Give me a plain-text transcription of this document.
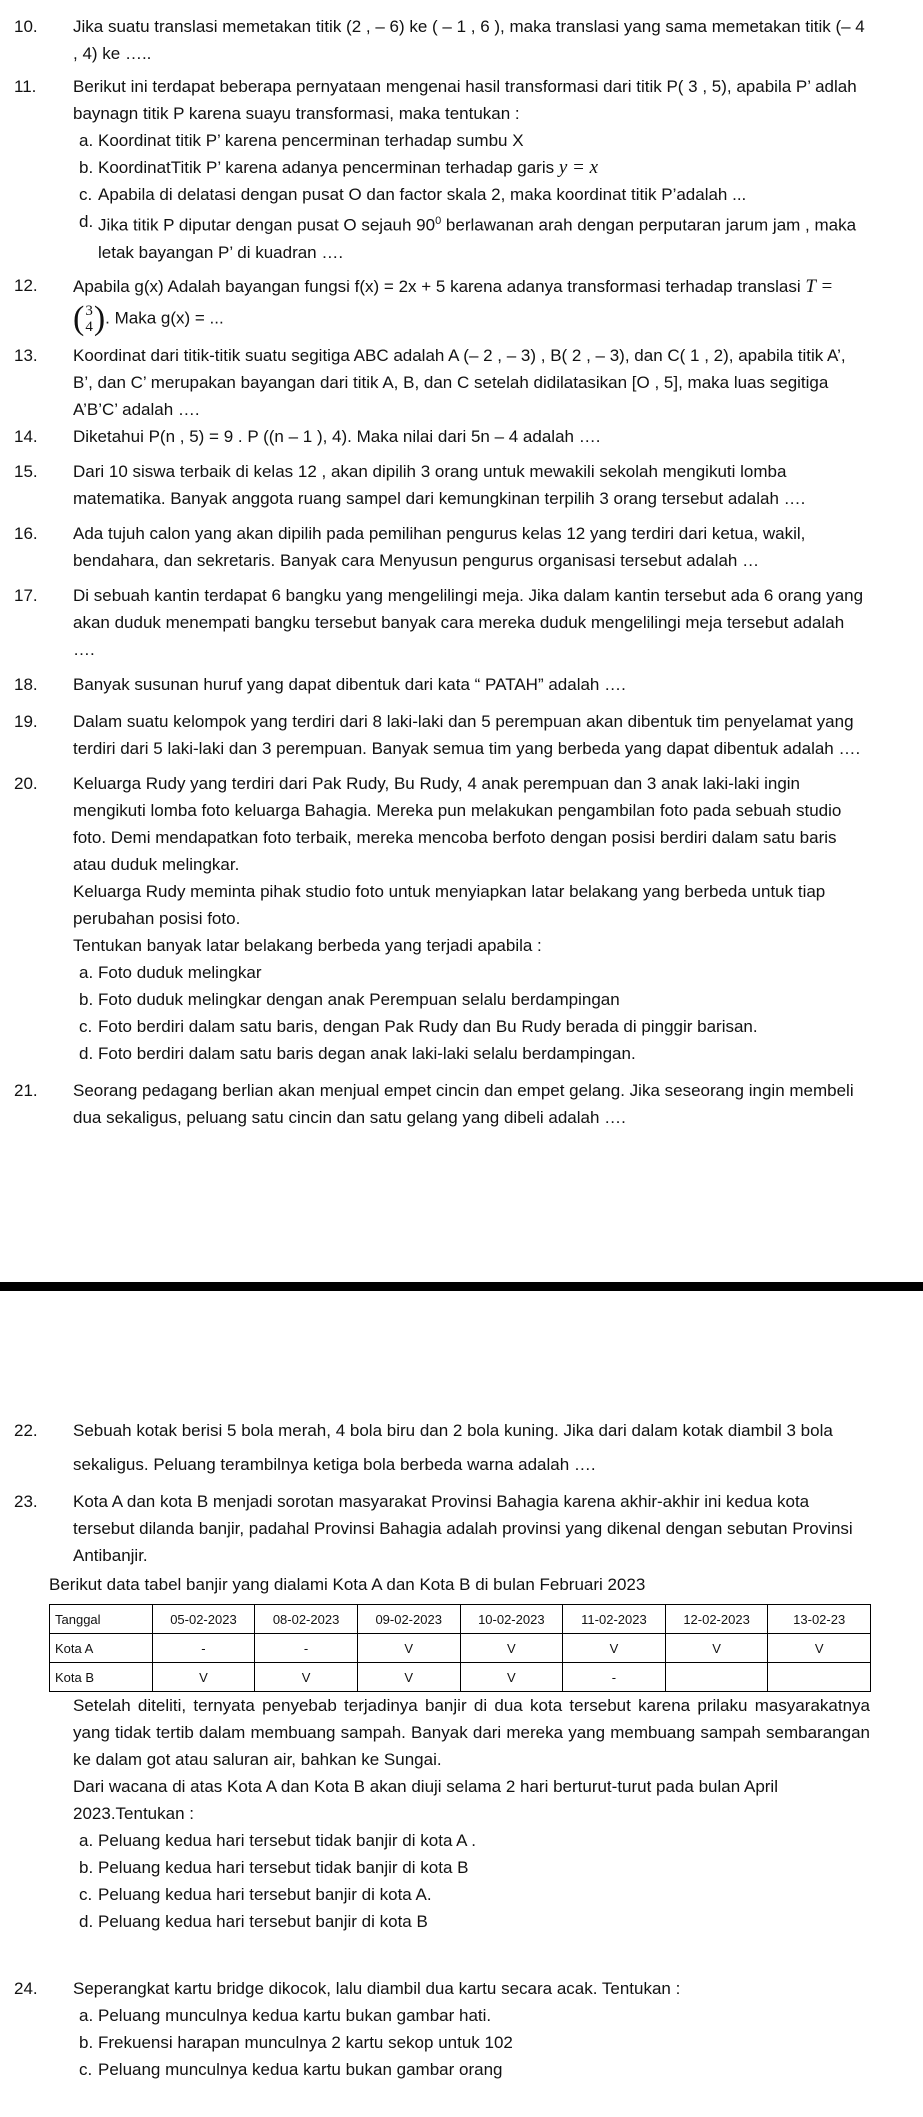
10. Jika suatu translasi memetakan titik (2 , – 6) ke ( – 1 , 6 ), maka translasi yang sama memetakan titik (– 4 , 4) ke …..

11. Berikut ini terdapat beberapa pernyataan mengenai hasil transformasi dari titik P( 3 , 5), apabila P’ adlah baynagn titik P karena suayu transformasi, maka tentukan :

a. Koordinat titik P’ karena pencerminan terhadap sumbu X
b. KoordinatTitik P’ karena adanya pencerminan terhadap garis y = x
c. Apabila di delatasi dengan pusat O dan factor skala 2, maka koordinat titik P’adalah ...
d. Jika titik P diputar dengan pusat O sejauh $90^0$ berlawanan arah dengan perputaran jarum jam , maka letak bayangan P’ di kuadran ….
12. Apabila g(x) Adalah bayangan fungsi f(x) = 2x + 5 karena adanya transformasi terhadap translasi T =
( 3
4 ) . Maka g(x) = ...

13. Koordinat dari titik-titik suatu segitiga ABC adalah A (– 2 , – 3) , B( 2 , – 3), dan C( 1 , 2), apabila titik A’, B’, dan C’ merupakan bayangan dari titik A, B, dan C setelah didilatasikan [O , 5], maka luas segitiga A’B’C’ adalah ….

14. Diketahui P(n , 5) = 9 . P ((n – 1 ), 4). Maka nilai dari 5n – 4 adalah ….

15. Dari 10 siswa terbaik di kelas 12 , akan dipilih 3 orang untuk mewakili sekolah mengikuti lomba matematika. Banyak anggota ruang sampel dari kemungkinan terpilih 3 orang tersebut adalah ….

16. Ada tujuh calon yang akan dipilih pada pemilihan pengurus kelas 12 yang terdiri dari ketua, wakil, bendahara, dan sekretaris. Banyak cara Menyusun pengurus organisasi tersebut adalah …

17. Di sebuah kantin terdapat 6 bangku yang mengelilingi meja. Jika dalam kantin tersebut ada 6 orang yang akan duduk menempati bangku tersebut banyak cara mereka duduk mengelilingi meja tersebut adalah ….

18. Banyak susunan huruf yang dapat dibentuk dari kata “ PATAH” adalah ….

19. Dalam suatu kelompok yang terdiri dari 8 laki-laki dan 5 perempuan akan dibentuk tim penyelamat yang terdiri dari 5 laki-laki dan 3 perempuan. Banyak semua tim yang berbeda yang dapat dibentuk adalah ….

20. Keluarga Rudy yang terdiri dari Pak Rudy, Bu Rudy, 4 anak perempuan dan 3 anak laki-laki ingin mengikuti lomba foto keluarga Bahagia. Mereka pun melakukan pengambilan foto pada sebuah studio foto. Demi mendapatkan foto terbaik, mereka mencoba berfoto dengan posisi berdiri dalam satu baris atau duduk melingkar.

Keluarga Rudy meminta pihak studio foto untuk menyiapkan latar belakang yang berbeda untuk tiap perubahan posisi foto.

Tentukan banyak latar belakang berbeda yang terjadi apabila :

a. Foto duduk melingkar
b. Foto duduk melingkar dengan anak Perempuan selalu berdampingan
c. Foto berdiri dalam satu baris, dengan Pak Rudy dan Bu Rudy berada di pinggir barisan.
d. Foto berdiri dalam satu baris degan anak laki-laki selalu berdampingan.
21. Seorang pedagang berlian akan menjual empet cincin dan empet gelang. Jika seseorang ingin membeli dua sekaligus, peluang satu cincin dan satu gelang yang dibeli adalah ….

22. Sebuah kotak berisi 5 bola merah, 4 bola biru dan 2 bola kuning. Jika dari dalam kotak diambil 3 bola sekaligus. Peluang terambilnya ketiga bola berbeda warna adalah ….

23. Kota A dan kota B menjadi sorotan masyarakat Provinsi Bahagia karena akhir-akhir ini kedua kota tersebut dilanda banjir, padahal Provinsi Bahagia adalah provinsi yang dikenal dengan sebutan Provinsi Antibanjir.

Berikut data tabel banjir yang dialami Kota A dan Kota B di bulan Februari 2023

Tanggal	05-02-2023	08-02-2023	09-02-2023	10-02-2023	11-02-2023	12-02-2023	13-02-23
Kota A	-	-	V	V	V	V	V
Kota B	V	V	V	V	-		

Setelah diteliti, ternyata penyebab terjadinya banjir di dua kota tersebut karena prilaku masyarakatnya yang tidak tertib dalam membuang sampah. Banyak dari mereka yang membuang sampah sembarangan ke dalam got atau saluran air, bahkan ke Sungai.

Dari wacana di atas Kota A dan Kota B akan diuji selama 2 hari berturut-turut pada bulan April 2023.Tentukan :

a. Peluang kedua hari tersebut tidak banjir di kota A .
b. Peluang kedua hari tersebut tidak banjir di kota B
c. Peluang kedua hari tersebut banjir di kota A.
d. Peluang kedua hari tersebut banjir di kota B
24. Seperangkat kartu bridge dikocok, lalu diambil dua kartu secara acak. Tentukan :

a. Peluang munculnya kedua kartu bukan gambar hati.
b. Frekuensi harapan munculnya 2 kartu sekop untuk 102
c. Peluang munculnya kedua kartu bukan gambar orang
